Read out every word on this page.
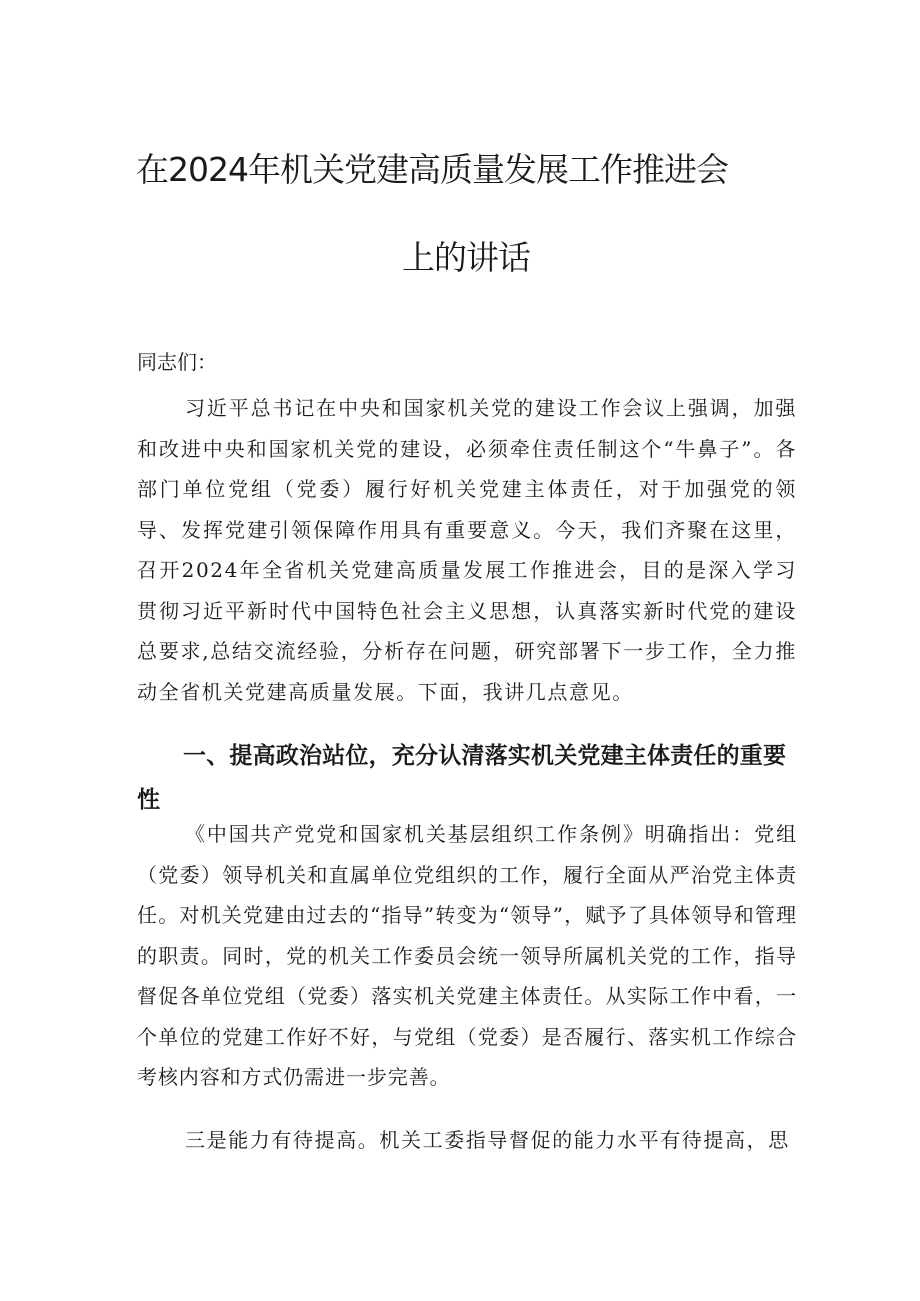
在2024年机关党建高质量发展工作推进会
上的讲话
同志们：

习近平总书记在中央和国家机关党的建设工作会议上强调，加强和改进中央和国家机关党的建设，必须牵住责任制这个“牛鼻子”。各部门单位党组（党委）履行好机关党建主体责任，对于加强党的领导、发挥党建引领保障作用具有重要意义。今天，我们齐聚在这里，召开2024年全省机关党建高质量发展工作推进会，目的是深入学习贯彻习近平新时代中国特色社会主义思想，认真落实新时代党的建设总要求,总结交流经验，分析存在问题，研究部署下一步工作，全力推动全省机关党建高质量发展。下面，我讲几点意见。

一、提高政治站位，充分认清落实机关党建主体责任的重要性

《中国共产党党和国家机关基层组织工作条例》明确指出：党组（党委）领导机关和直属单位党组织的工作，履行全面从严治党主体责任。对机关党建由过去的“指导”转变为“领导”，赋予了具体领导和管理的职责。同时，党的机关工作委员会统一领导所属机关党的工作，指导督促各单位党组（党委）落实机关党建主体责任。从实际工作中看，一个单位的党建工作好不好，与党组（党委）是否履行、落实机工作综合考核内容和方式仍需进一步完善。

三是能力有待提高。机关工委指导督促的能力水平有待提高，思
